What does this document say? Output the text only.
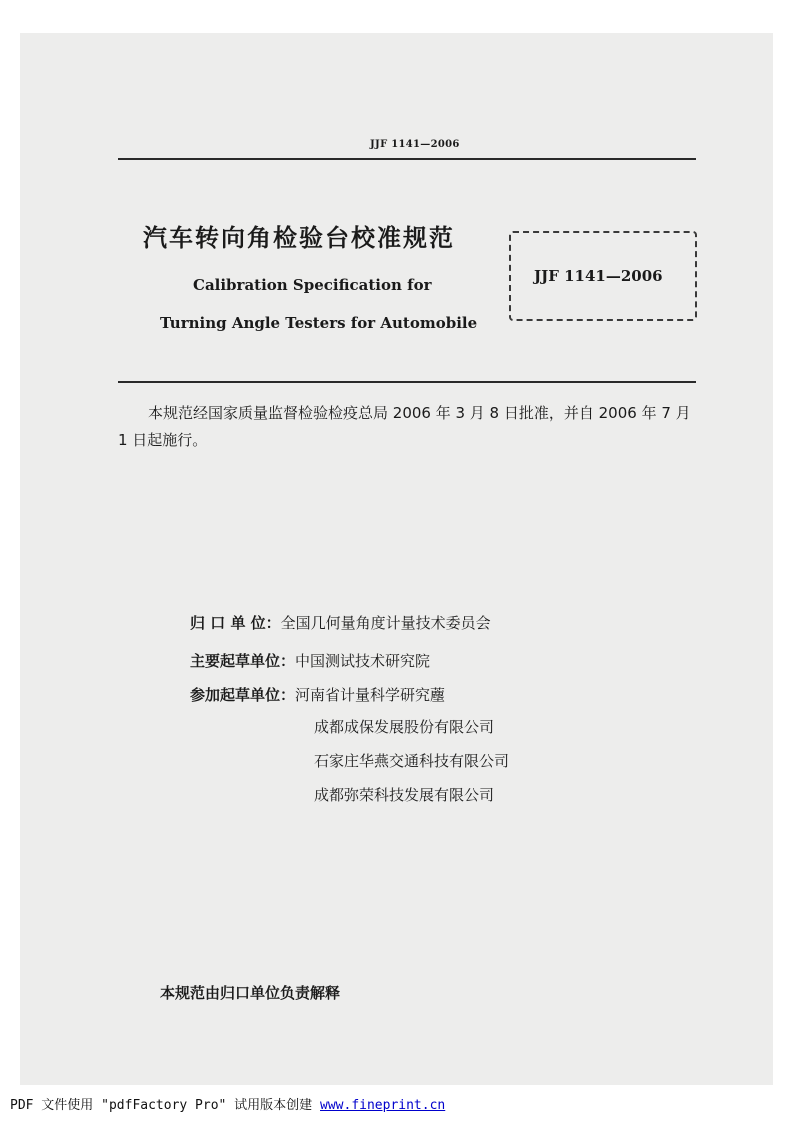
JJF 1141—2006
汽车转向角检验台校准规范
Calibration Specification for
Turning Angle Testers for Automobile
JJF 1141—2006
本规范经国家质量监督检验检疫总局 2006 年 3 月 8 日批准，并自 2006 年 7 月 1 日起施行。
归 口 单 位：全国几何量角度计量技术委员会
主要起草单位：中国测试技术研究院
参加起草单位：河南省计量科学研究薼
成都成保发展股份有限公司
石家庄华燕交通科技有限公司
成都弥荣科技发展有限公司
本规范由归口单位负责解释
PDF 文件使用 "pdfFactory Pro" 试用版本创建 www.fineprint.cn
